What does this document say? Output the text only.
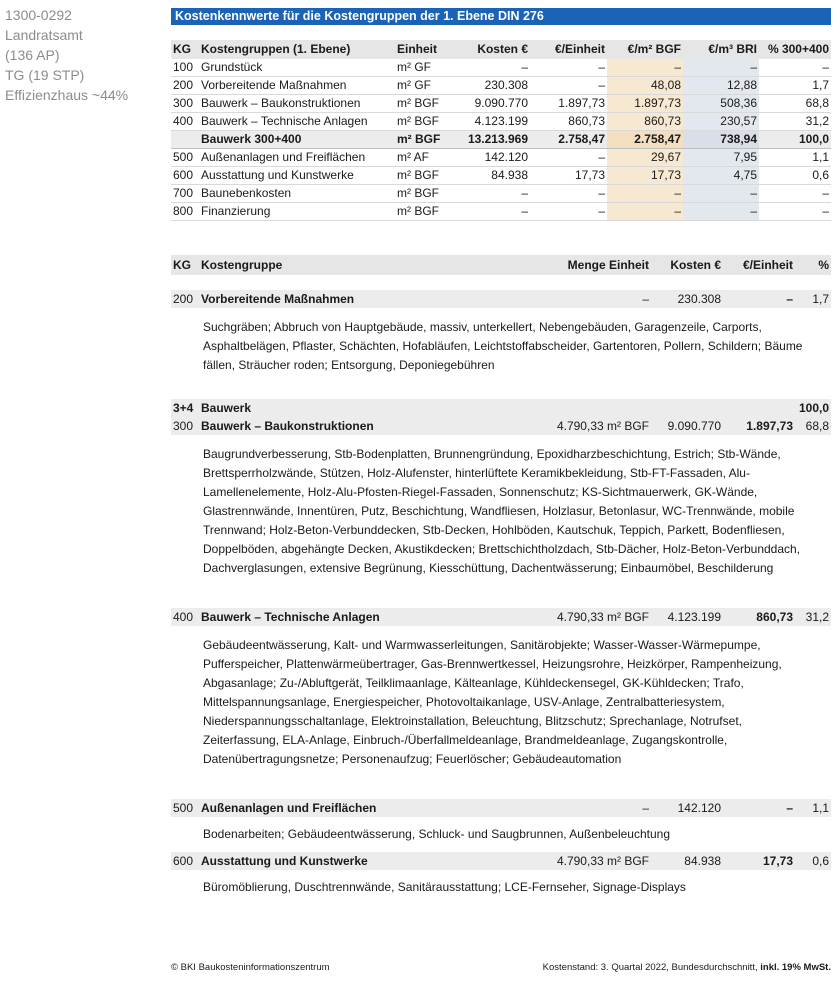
1300-0292
Landratsamt
(136 AP)
TG (19 STP)
Effizienzhaus ~44%
Kostenkennwerte für die Kostengruppen der 1. Ebene DIN 276
KG	Kostengruppen (1. Ebene)	Einheit	Kosten €	€/Einheit	€/m² BGF	€/m³ BRI	% 300+400
100	Grundstück	m² GF	–	–	–	–	–
200	Vorbereitende Maßnahmen	m² GF	230.308	–	48,08	12,88	1,7
300	Bauwerk – Baukonstruktionen	m² BGF	9.090.770	1.897,73	1.897,73	508,36	68,8
400	Bauwerk – Technische Anlagen	m² BGF	4.123.199	860,73	860,73	230,57	31,2
	Bauwerk 300+400	m² BGF	13.213.969	2.758,47	2.758,47	738,94	100,0
500	Außenanlagen und Freiflächen	m² AF	142.120	–	29,67	7,95	1,1
600	Ausstattung und Kunstwerke	m² BGF	84.938	17,73	17,73	4,75	0,6
700	Baunebenkosten	m² BGF	–	–	–	–	–
800	Finanzierung	m² BGF	–	–	–	–	–
KG	Kostengruppe	Menge Einheit	Kosten €	€/Einheit	%
200 Vorbereitende Maßnahmen	–	230.308	–	1,7
Suchgräben; Abbruch von Hauptgebäude, massiv, unterkellert, Nebengebäuden, Garagenzeile, Carports, Asphaltbelägen, Pflaster, Schächten, Hofabläufen, Leichtstoffabscheider, Gartentoren, Pollern, Schildern; Bäume fällen, Sträucher roden; Entsorgung, Deponiegebühren
3+4 Bauwerk	100,0
300 Bauwerk – Baukonstruktionen	4.790,33 m² BGF	9.090.770	1.897,73	68,8
Baugrundverbesserung, Stb-Bodenplatten, Brunnengründung, Epoxidharzbeschichtung, Estrich; Stb-Wände, Brettsperrholzwände, Stützen, Holz-Alufenster, hinterlüftete Keramikbekleidung, Stb-FT-Fassaden, Alu-Lamellenelemente, Holz-Alu-Pfosten-Riegel-Fassaden, Sonnenschutz; KS-Sichtmauerwerk, GK-Wände, Glastrennwände, Innentüren, Putz, Beschichtung, Wandfliesen, Holzlasur, Betonlasur, WC-Trennwände, mobile Trennwand; Holz-Beton-Verbunddecken, Stb-Decken, Hohlböden, Kautschuk, Teppich, Parkett, Bodenfliesen, Doppelböden, abgehängte Decken, Akustikdecken; Brettschichtholzdach, Stb-Dächer, Holz-Beton-Verbunddach, Dachverglasungen, extensive Begrünung, Kiesschüttung, Dachentwässerung; Einbaumöbel, Beschilderung
400 Bauwerk – Technische Anlagen	4.790,33 m² BGF	4.123.199	860,73	31,2
Gebäudeentwässerung, Kalt- und Warmwasserleitungen, Sanitärobjekte; Wasser-Wasser-Wärmepumpe, Pufferspeicher, Plattenwärmeübertrager, Gas-Brennwertkessel, Heizungsrohre, Heizkörper, Rampenheizung, Abgasanlage; Zu-/Abluftgerät, Teilklimaanlage, Kälteanlage, Kühldeckensegel, GK-Kühldecken; Trafo, Mittelspannungsanlage, Energiespeicher, Photovoltaikanlage, USV-Anlage, Zentralbatteriesystem, Niederspannungsschaltanlage, Elektroinstallation, Beleuchtung, Blitzschutz; Sprechanlage, Notrufset, Zeiterfassung, ELA-Anlage, Einbruch-/Überfallmeldeanlage, Brandmeldeanlage, Zugangskontrolle, Datenübertragungsnetze; Personenaufzug; Feuerlöscher; Gebäudeautomation
500 Außenanlagen und Freiflächen	–	142.120	–	1,1
Bodenarbeiten; Gebäudeentwässerung, Schluck- und Saugbrunnen, Außenbeleuchtung
600 Ausstattung und Kunstwerke	4.790,33 m² BGF	84.938	17,73	0,6
Büromöblierung, Duschtrennwände, Sanitärausstattung; LCE-Fernseher, Signage-Displays
© BKI Baukosteninformationszentrum	Kostenstand: 3. Quartal 2022, Bundesdurchschnitt, inkl. 19% MwSt.
